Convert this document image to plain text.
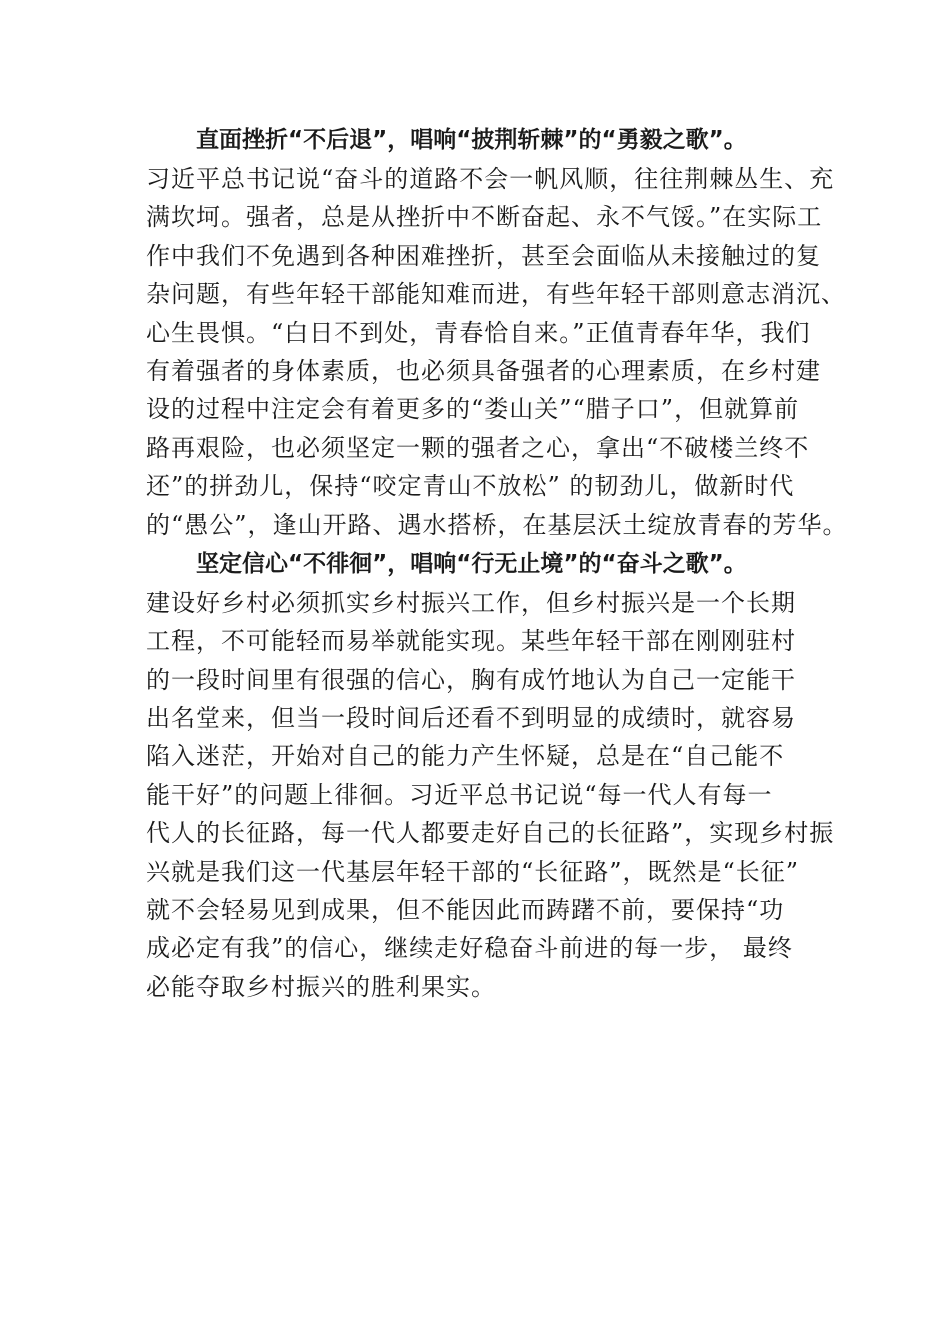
直面挫折“不后退”，唱响“披荆斩棘”的“勇毅之歌”。
习近平总书记说“奋斗的道路不会一帆风顺，往往荆棘丛生、充
满坎坷。强者，总是从挫折中不断奋起、永不气馁。”在实际工
作中我们不免遇到各种困难挫折，甚至会面临从未接触过的复
杂问题，有些年轻干部能知难而进，有些年轻干部则意志消沉、
心生畏惧。“白日不到处，青春恰自来。”正值青春年华，我们
有着强者的身体素质，也必须具备强者的心理素质，在乡村建
设的过程中注定会有着更多的“娄山关”“腊子口”，但就算前
路再艰险，也必须坚定一颗的强者之心，拿出“不破楼兰终不
还”的拼劲儿，保持“咬定青山不放松” 的韧劲儿，做新时代
的“愚公”，逢山开路、遇水搭桥，在基层沃土绽放青春的芳华。
坚定信心“不徘徊”，唱响“行无止境”的“奋斗之歌”。
建设好乡村必须抓实乡村振兴工作，但乡村振兴是一个长期
工程，不可能轻而易举就能实现。某些年轻干部在刚刚驻村
的一段时间里有很强的信心，胸有成竹地认为自己一定能干
出名堂来，但当一段时间后还看不到明显的成绩时，就容易
陷入迷茫，开始对自己的能力产生怀疑，总是在“自己能不
能干好”的问题上徘徊。习近平总书记说“每一代人有每一
代人的长征路，每一代人都要走好自己的长征路”，实现乡村振
兴就是我们这一代基层年轻干部的“长征路”，既然是“长征”
就不会轻易见到成果，但不能因此而踌躇不前，要保持“功
成必定有我”的信心，继续走好稳奋斗前进的每一步， 最终
必能夺取乡村振兴的胜利果实。
